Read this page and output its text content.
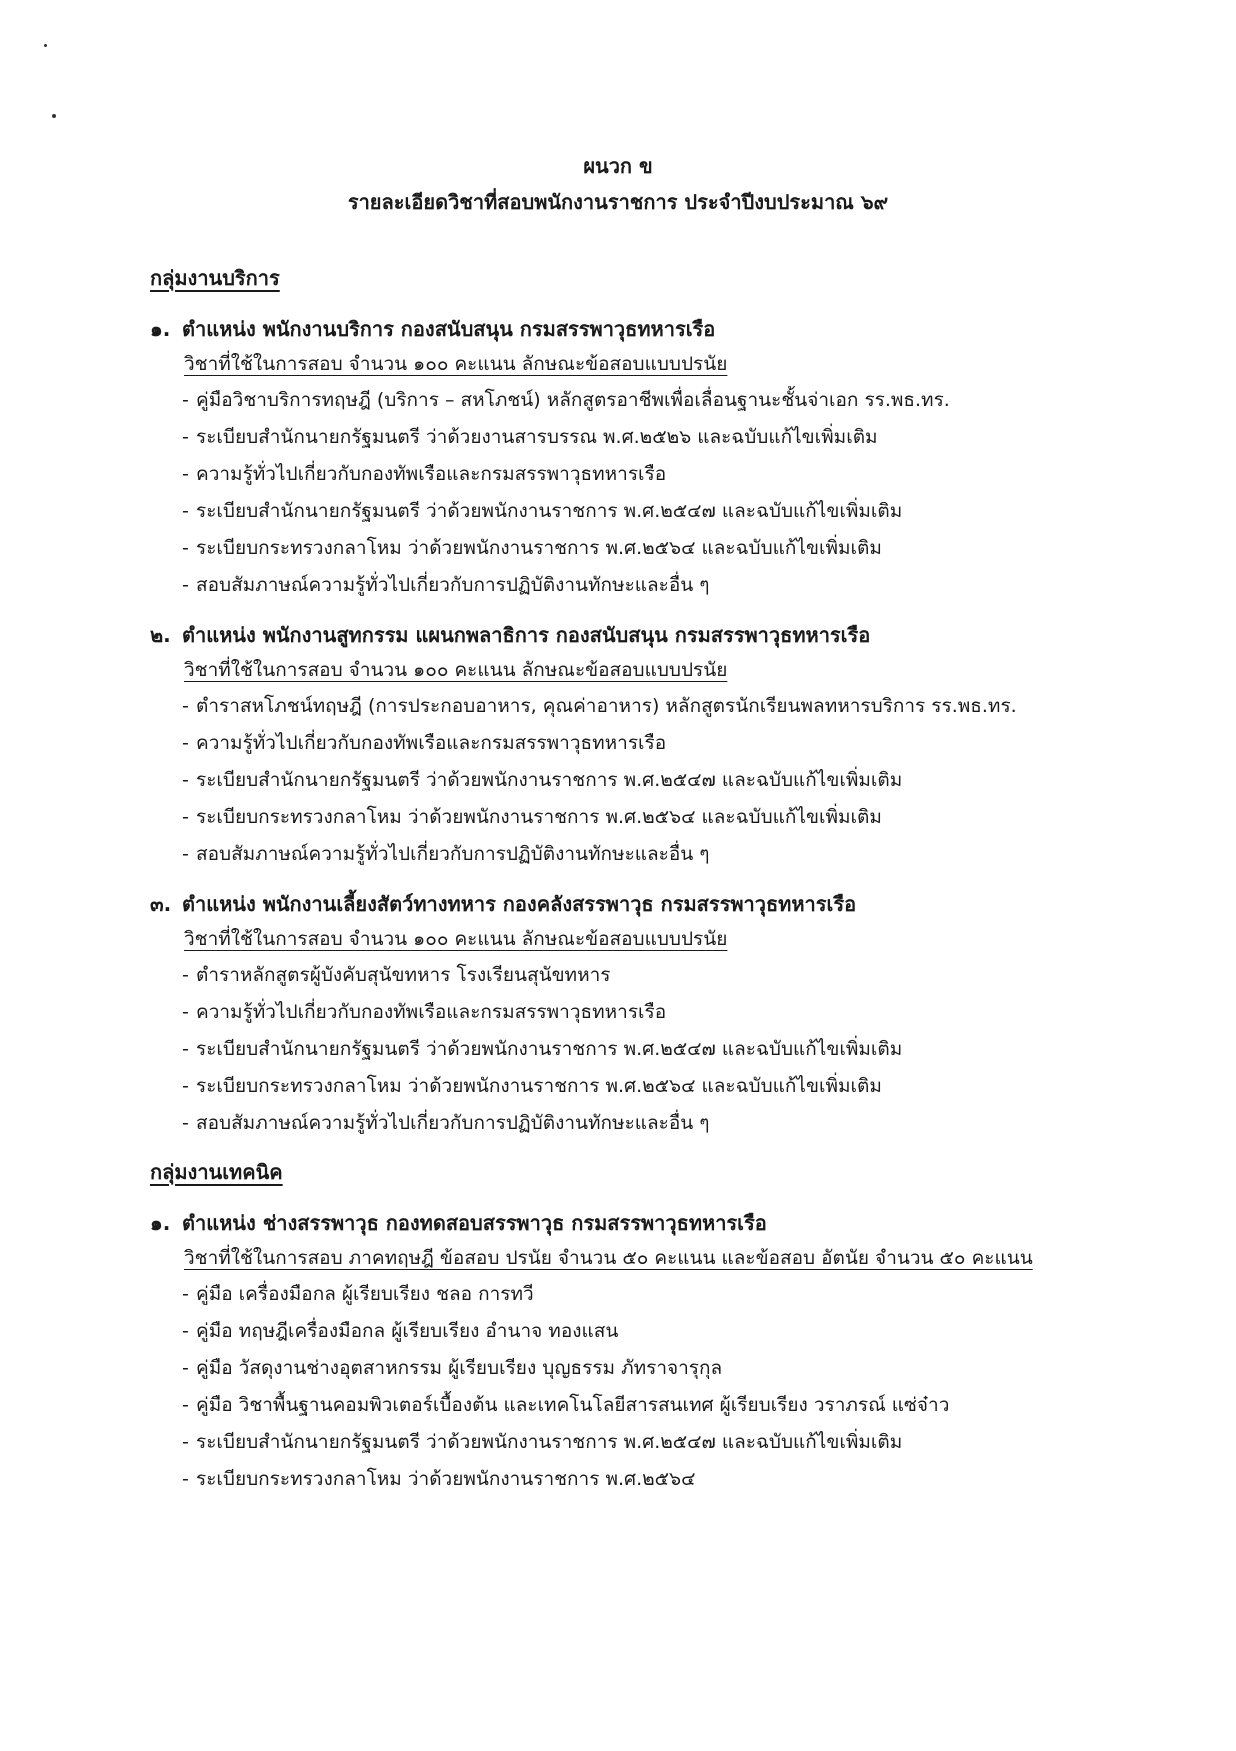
ผนวก ข
รายละเอียดวิชาที่สอบพนักงานราชการ ประจำปีงบประมาณ ๖๙
กลุ่มงานบริการ
๑. ตำแหน่ง พนักงานบริการ กองสนับสนุน กรมสรรพาวุธทหารเรือ
วิชาที่ใช้ในการสอบ จำนวน ๑๐๐ คะแนน ลักษณะข้อสอบแบบปรนัย
- คู่มือวิชาบริการทฤษฎี (บริการ – สหโภชน์) หลักสูตรอาชีพเพื่อเลื่อนฐานะชั้นจ่าเอก รร.พธ.ทร.
- ระเบียบสำนักนายกรัฐมนตรี ว่าด้วยงานสารบรรณ พ.ศ.๒๕๒๖ และฉบับแก้ไขเพิ่มเติม
- ความรู้ทั่วไปเกี่ยวกับกองทัพเรือและกรมสรรพาวุธทหารเรือ
- ระเบียบสำนักนายกรัฐมนตรี ว่าด้วยพนักงานราชการ พ.ศ.๒๕๔๗ และฉบับแก้ไขเพิ่มเติม
- ระเบียบกระทรวงกลาโหม ว่าด้วยพนักงานราชการ พ.ศ.๒๕๖๔ และฉบับแก้ไขเพิ่มเติม
- สอบสัมภาษณ์ความรู้ทั่วไปเกี่ยวกับการปฏิบัติงานทักษะและอื่น ๆ
๒. ตำแหน่ง พนักงานสูทกรรม แผนกพลาธิการ กองสนับสนุน กรมสรรพาวุธทหารเรือ
วิชาที่ใช้ในการสอบ จำนวน ๑๐๐ คะแนน ลักษณะข้อสอบแบบปรนัย
- ตำราสหโภชน์ทฤษฎี (การประกอบอาหาร, คุณค่าอาหาร) หลักสูตรนักเรียนพลทหารบริการ รร.พธ.ทร.
- ความรู้ทั่วไปเกี่ยวกับกองทัพเรือและกรมสรรพาวุธทหารเรือ
- ระเบียบสำนักนายกรัฐมนตรี ว่าด้วยพนักงานราชการ พ.ศ.๒๕๔๗ และฉบับแก้ไขเพิ่มเติม
- ระเบียบกระทรวงกลาโหม ว่าด้วยพนักงานราชการ พ.ศ.๒๕๖๔ และฉบับแก้ไขเพิ่มเติม
- สอบสัมภาษณ์ความรู้ทั่วไปเกี่ยวกับการปฏิบัติงานทักษะและอื่น ๆ
๓. ตำแหน่ง พนักงานเลี้ยงสัตว์ทางทหาร กองคลังสรรพาวุธ กรมสรรพาวุธทหารเรือ
วิชาที่ใช้ในการสอบ จำนวน ๑๐๐ คะแนน ลักษณะข้อสอบแบบปรนัย
- ตำราหลักสูตรผู้บังคับสุนัขทหาร โรงเรียนสุนัขทหาร
- ความรู้ทั่วไปเกี่ยวกับกองทัพเรือและกรมสรรพาวุธทหารเรือ
- ระเบียบสำนักนายกรัฐมนตรี ว่าด้วยพนักงานราชการ พ.ศ.๒๕๔๗ และฉบับแก้ไขเพิ่มเติม
- ระเบียบกระทรวงกลาโหม ว่าด้วยพนักงานราชการ พ.ศ.๒๕๖๔ และฉบับแก้ไขเพิ่มเติม
- สอบสัมภาษณ์ความรู้ทั่วไปเกี่ยวกับการปฏิบัติงานทักษะและอื่น ๆ
กลุ่มงานเทคนิค
๑. ตำแหน่ง ช่างสรรพาวุธ กองทดสอบสรรพาวุธ กรมสรรพาวุธทหารเรือ
วิชาที่ใช้ในการสอบ ภาคทฤษฎี ข้อสอบ ปรนัย จำนวน ๕๐ คะแนน และข้อสอบ อัตนัย จำนวน ๕๐ คะแนน
- คู่มือ เครื่องมือกล ผู้เรียบเรียง ชลอ การทวี
- คู่มือ ทฤษฎีเครื่องมือกล ผู้เรียบเรียง อำนาจ ทองแสน
- คู่มือ วัสดุงานช่างอุตสาหกรรม ผู้เรียบเรียง บุญธรรม ภัทราจารุกุล
- คู่มือ วิชาพื้นฐานคอมพิวเตอร์เบื้องต้น และเทคโนโลยีสารสนเทศ ผู้เรียบเรียง วราภรณ์ แซ่จ๋าว
- ระเบียบสำนักนายกรัฐมนตรี ว่าด้วยพนักงานราชการ พ.ศ.๒๕๔๗ และฉบับแก้ไขเพิ่มเติม
- ระเบียบกระทรวงกลาโหม ว่าด้วยพนักงานราชการ พ.ศ.๒๕๖๔
